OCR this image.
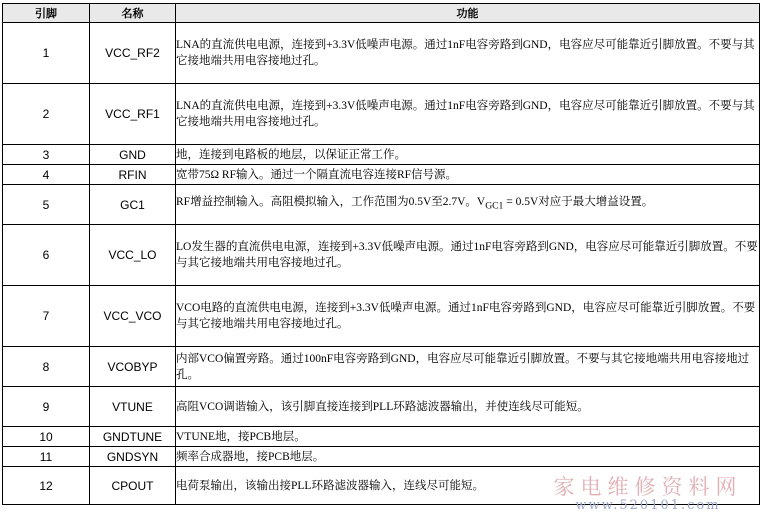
引脚	名称	功能
1	VCC_RF2	LNA的直流供电电源，连接到+3.3V低噪声电源。通过1nF电容旁路到GND，电容应尽可能靠近引脚放置。不要与其它接地端共用电容接地过孔。
2	VCC_RF1	LNA的直流供电电源，连接到+3.3V低噪声电源。通过1nF电容旁路到GND，电容应尽可能靠近引脚放置。不要与其它接地端共用电容接地过孔。
3	GND	地，连接到电路板的地层，以保证正常工作。
4	RFIN	宽带75Ω RF输入。通过一个隔直流电容连接RF信号源。
5	GC1	RF增益控制输入。高阻模拟输入，工作范围为0.5V至2.7V。$V_{GC1} = 0.5V$对应于最大增益设置。
6	VCC_LO	LO发生器的直流供电电源，连接到+3.3V低噪声电源。通过1nF电容旁路到GND，电容应尽可能靠近引脚放置。不要与其它接地端共用电容接地过孔。
7	VCC_VCO	VCO电路的直流供电电源，连接到+3.3V低噪声电源。通过1nF电容旁路到GND，电容应尽可能靠近引脚放置。不要与其它接地端共用电容接地过孔。
8	VCOBYP	内部VCO偏置旁路。通过100nF电容旁路到GND，电容应尽可能靠近引脚放置。不要与其它接地端共用电容接地过孔。
9	VTUNE	高阻VCO调谐输入，该引脚直接连接到PLL环路滤波器输出，并使连线尽可能短。
10	GNDTUNE	VTUNE地，接PCB地层。
11	GNDSYN	频率合成器地，接PCB地层。
12	CPOUT	电荷泵输出，该输出接PLL环路滤波器输入，连线尽可能短。	家电维修资料网
www.520101.com
